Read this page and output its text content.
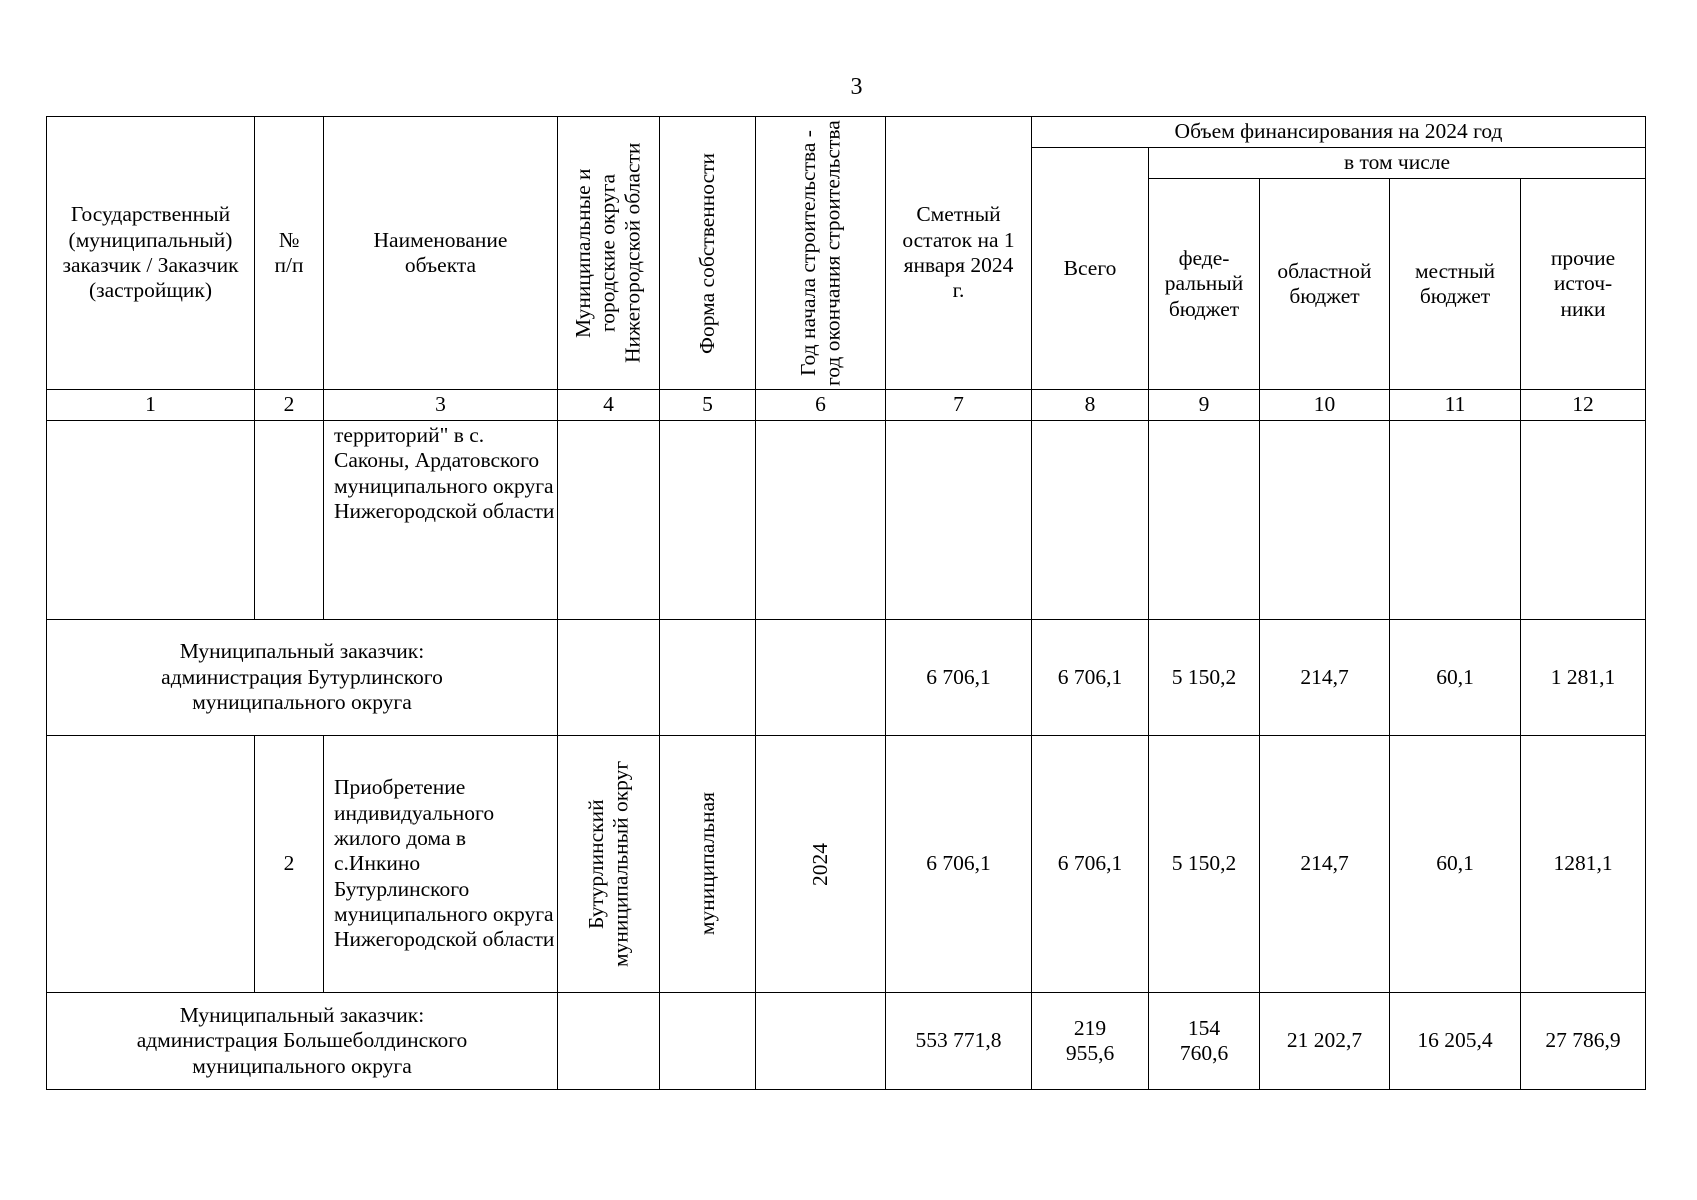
3
Государственный (муниципальный) заказчик / Заказчик (застройщик)	№ п/п	Наименование объекта	Муниципальные и городские округа Нижегородской области	Форма собственности	Год начала строительства - год окончания строительства	Сметный остаток на 1 января 2024 г.	Объем финансирования на 2024 год				
							Всего	в том числе			
								феде-ральный бюджет	областной бюджет	местный бюджет	прочие источ-ники
1	2	3	4	5	6	7	8	9	10	11	12
		территорий" в с. Саконы, Ардатовского муниципального округа Нижегородской области									
Муниципальный заказчик: администрация Бутурлинского муниципального округа						6 706,1	6 706,1	5 150,2	214,7	60,1	1 281,1
	2	Приобретение индивидуального жилого дома в с.Инкино Бутурлинского муниципального округа Нижегородской области	Бутурлинский муниципальный округ	муниципальная	2024	6 706,1	6 706,1	5 150,2	214,7	60,1	1281,1
Муниципальный заказчик: администрация Большеболдинского муниципального округа						553 771,8	219 955,6	154 760,6	21 202,7	16 205,4	27 786,9
